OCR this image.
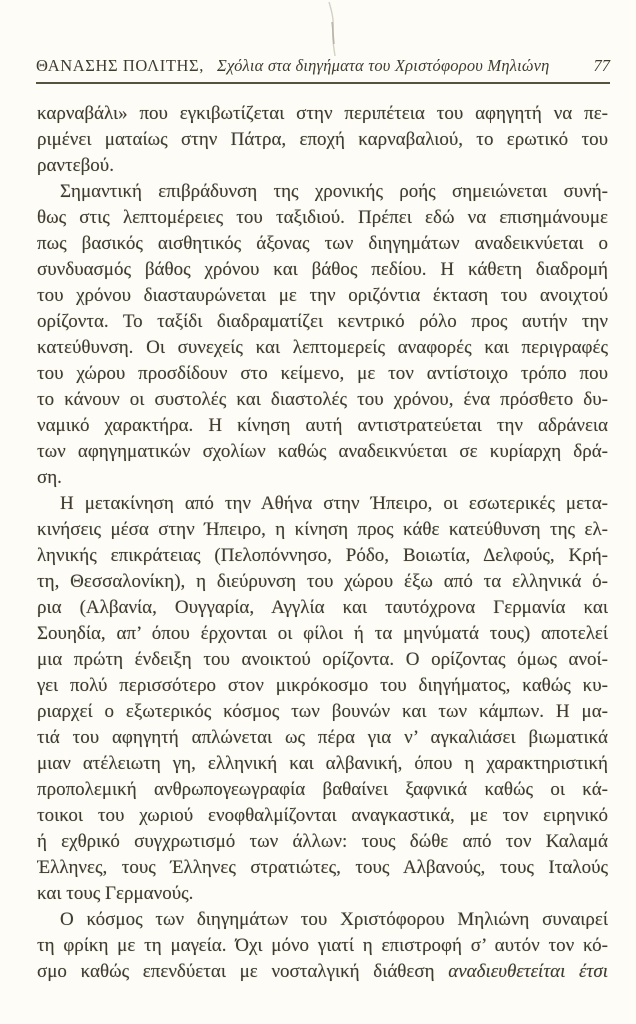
ΘΑΝΑΣΗΣ ΠΟΛΙΤΗΣ, Σχόλια στα διηγήματα του Χριστόφορου Μηλιώνη	77
καρναβάλι» που εγκιβωτίζεται στην περιπέτεια του αφηγητή να πε-
ριμένει ματαίως στην Πάτρα, εποχή καρναβαλιού, το ερωτικό του
ραντεβού.
Σημαντική επιβράδυνση της χρονικής ροής σημειώνεται συνή-
θως στις λεπτομέρειες του ταξιδιού. Πρέπει εδώ να επισημάνουμε
πως βασικός αισθητικός άξονας των διηγημάτων αναδεικνύεται ο
συνδυασμός βάθος χρόνου και βάθος πεδίου. Η κάθετη διαδρομή
του χρόνου διασταυρώνεται με την οριζόντια έκταση του ανοιχτού
ορίζοντα. Το ταξίδι διαδραματίζει κεντρικό ρόλο προς αυτήν την
κατεύθυνση. Οι συνεχείς και λεπτομερείς αναφορές και περιγραφές
του χώρου προσδίδουν στο κείμενο, με τον αντίστοιχο τρόπο που
το κάνουν οι συστολές και διαστολές του χρόνου, ένα πρόσθετο δυ-
ναμικό χαρακτήρα. Η κίνηση αυτή αντιστρατεύεται την αδράνεια
των αφηγηματικών σχολίων καθώς αναδεικνύεται σε κυρίαρχη δρά-
ση.
Η μετακίνηση από την Αθήνα στην Ήπειρο, οι εσωτερικές μετα-
κινήσεις μέσα στην Ήπειρο, η κίνηση προς κάθε κατεύθυνση της ελ-
ληνικής επικράτειας (Πελοπόννησο, Ρόδο, Βοιωτία, Δελφούς, Κρή-
τη, Θεσσαλονίκη), η διεύρυνση του χώρου έξω από τα ελληνικά ό-
ρια (Αλβανία, Ουγγαρία, Αγγλία και ταυτόχρονα Γερμανία και
Σουηδία, απ’ όπου έρχονται οι φίλοι ή τα μηνύματά τους) αποτελεί
μια πρώτη ένδειξη του ανοικτού ορίζοντα. Ο ορίζοντας όμως ανοί-
γει πολύ περισσότερο στον μικρόκοσμο του διηγήματος, καθώς κυ-
ριαρχεί ο εξωτερικός κόσμος των βουνών και των κάμπων. Η μα-
τιά του αφηγητή απλώνεται ως πέρα για ν’ αγκαλιάσει βιωματικά
μιαν ατέλειωτη γη, ελληνική και αλβανική, όπου η χαρακτηριστική
προπολεμική ανθρωπογεωγραφία βαθαίνει ξαφνικά καθώς οι κά-
τοικοι του χωριού ενοφθαλμίζονται αναγκαστικά, με τον ειρηνικό
ή εχθρικό συγχρωτισμό των άλλων: τους δώθε από τον Καλαμά
Έλληνες, τους Έλληνες στρατιώτες, τους Αλβανούς, τους Ιταλούς
και τους Γερμανούς.
Ο κόσμος των διηγημάτων του Χριστόφορου Μηλιώνη συναιρεί
τη φρίκη με τη μαγεία. Όχι μόνο γιατί η επιστροφή σ’ αυτόν τον κό-
σμο καθώς επενδύεται με νοσταλγική διάθεση αναδιευθετείται έτσι
